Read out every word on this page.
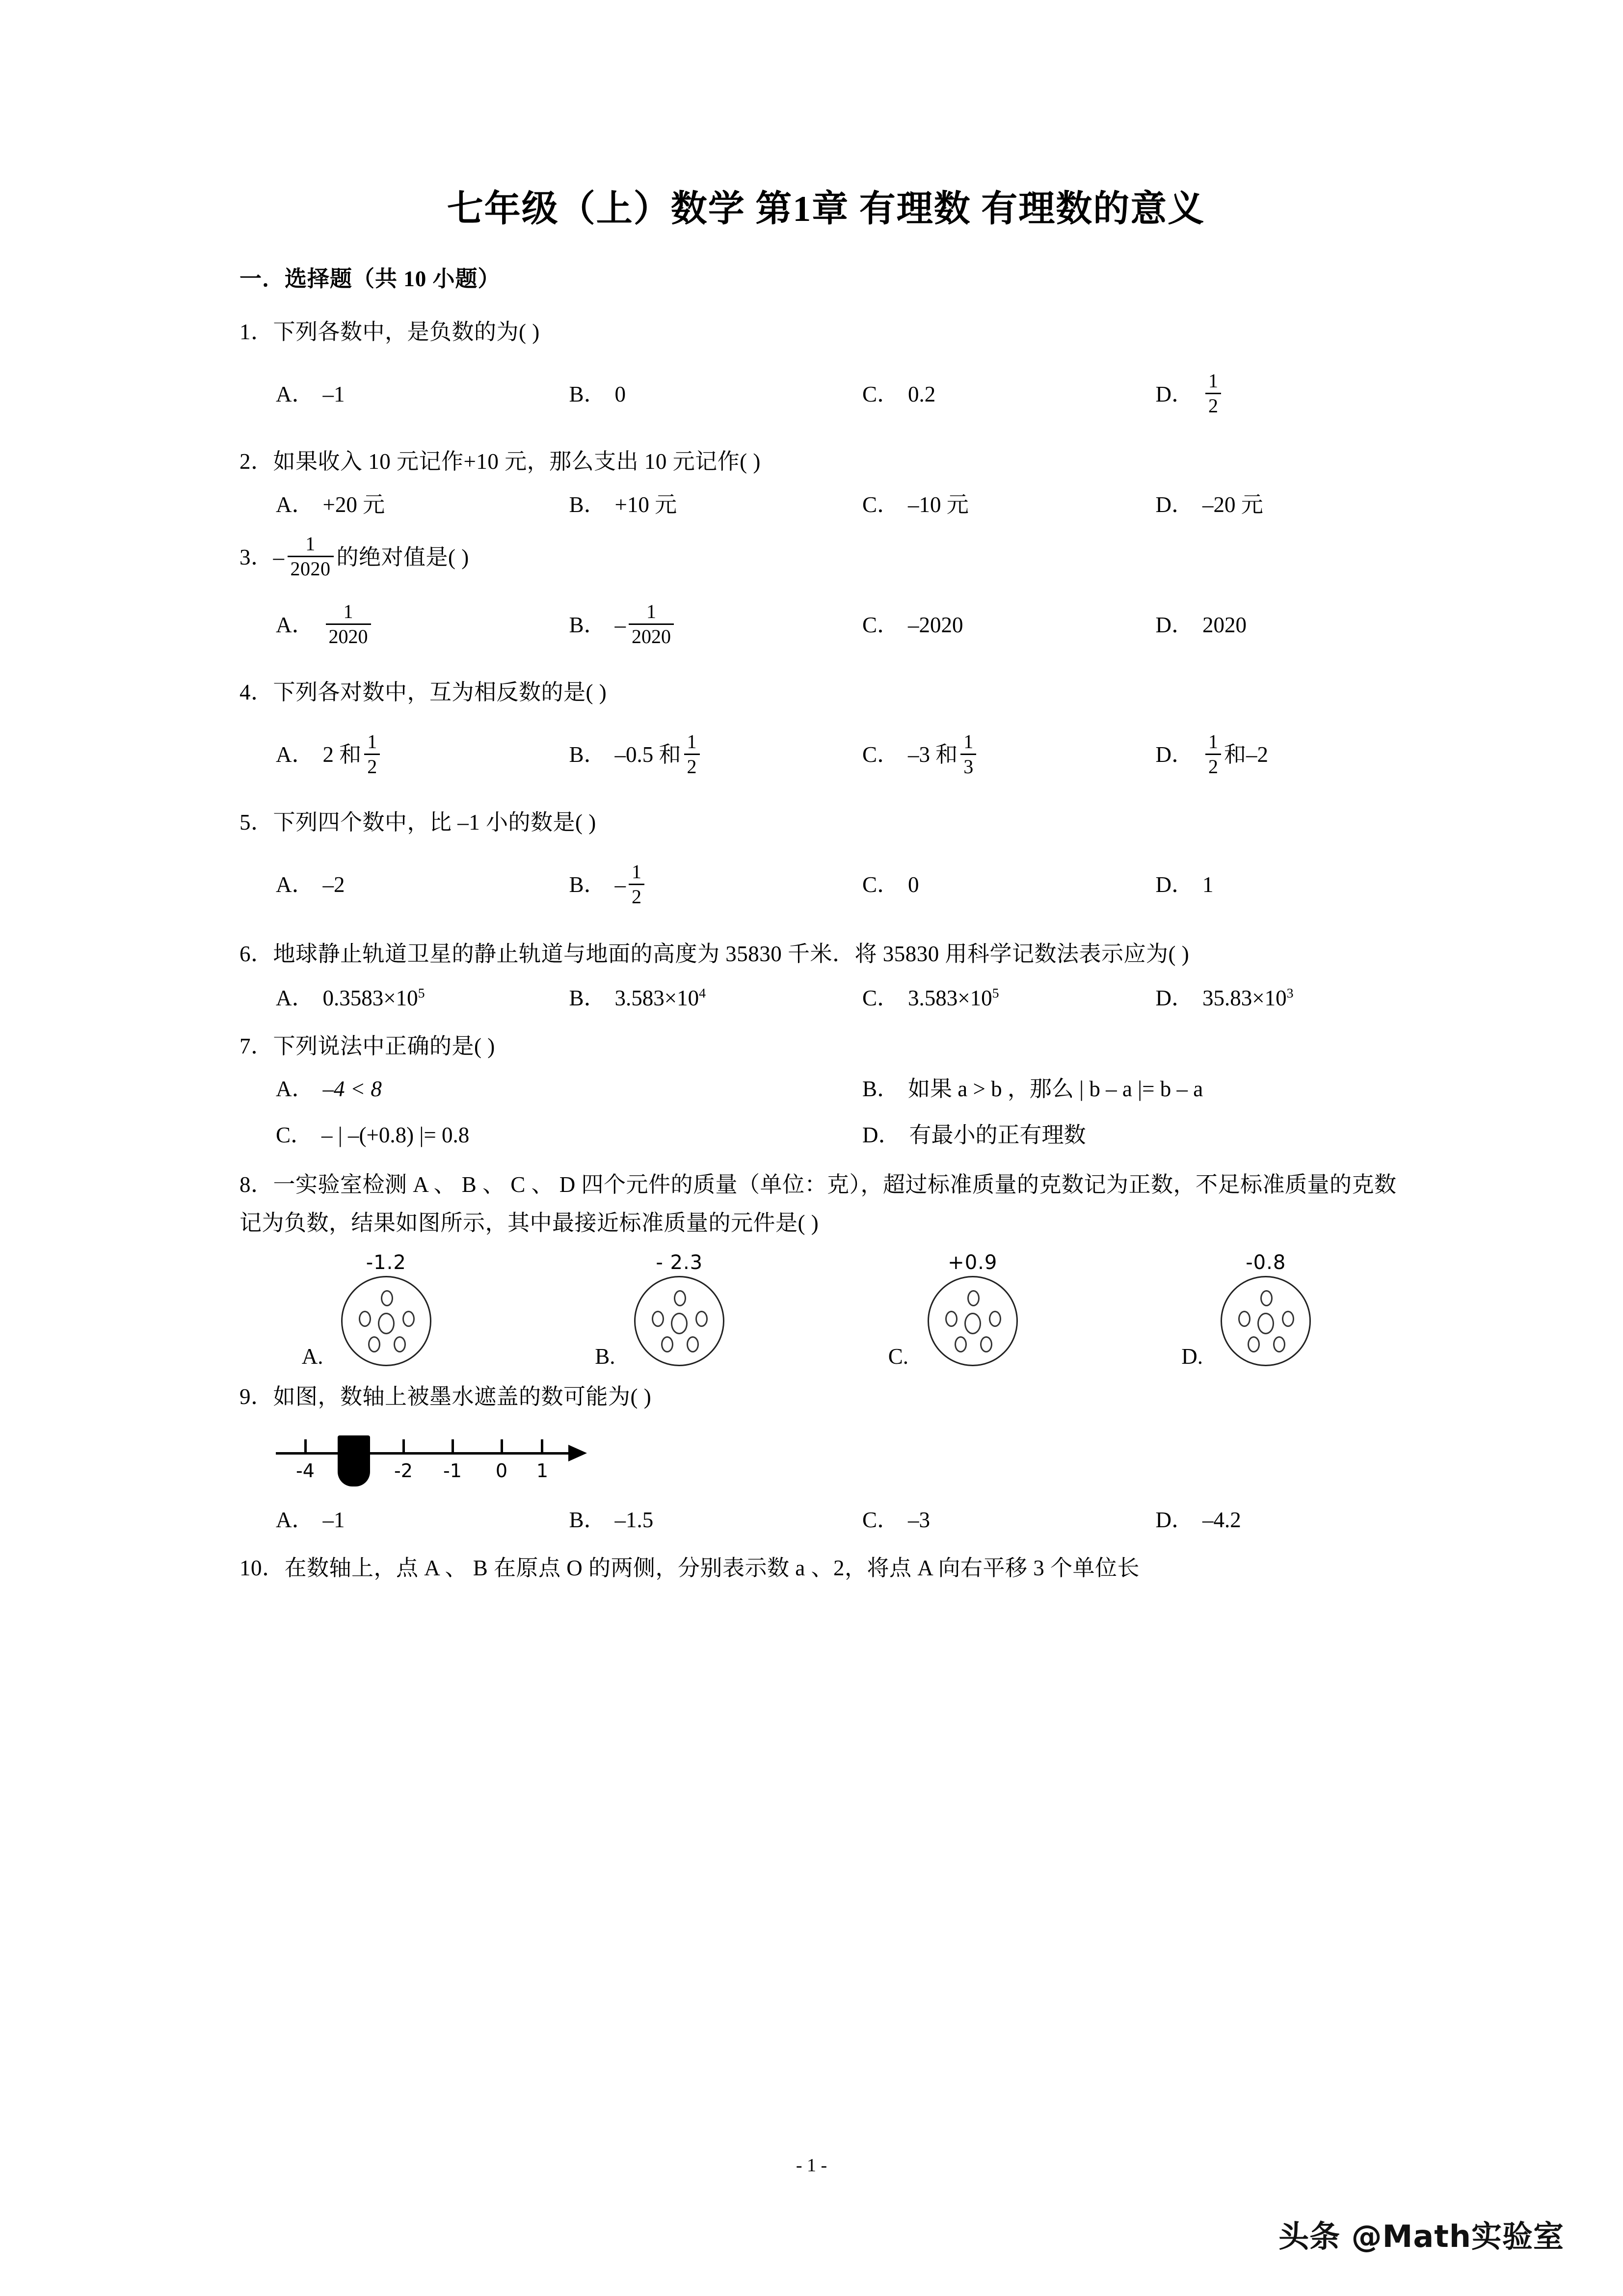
七年级（上）数学 第1章 有理数 有理数的意义
一．选择题（共 10 小题）
1．下列各数中，是负数的为( )
A． –1	B． 0	C． 0.2	D． $\frac{1}{2}$
2．如果收入 10 元记作+10 元，那么支出 10 元记作( )
A． +20 元	B． +10 元	C． –10 元	D． –20 元
3． – $\frac{1}{2020}$ 的绝对值是( )
A． $\frac{1}{2020}$	B． – $\frac{1}{2020}$	C． –2020	D． 2020
4．下列各对数中，互为相反数的是( )
A． 2 和 $\frac{1}{2}$	B． –0.5 和 $\frac{1}{2}$	C． –3 和 $\frac{1}{3}$	D． $\frac{1}{2}$ 和–2
5．下列四个数中，比 –1 小的数是( )
A． –2	B． – $\frac{1}{2}$	C． 0	D． 1
6．地球静止轨道卫星的静止轨道与地面的高度为 35830 千米．将 35830 用科学记数法表示应为( )
A． $0.3583\times 10^5$	B． $3.583\times 10^4$	C． $3.583\times 10^5$	D． $35.83\times 10^3$
7．下列说法中正确的是( )
A． –4 < 8	B． 如果 a > b ，那么 | b – a |= b – a
C． – | –(+0.8) |= 0.8	D． 有最小的正有理数
8．一实验室检测 A 、 B 、 C 、 D 四个元件的质量（单位：克），超过标准质量的克数记为正数，不足标准质量的克数记为负数，结果如图所示，其中最接近标准质量的元件是( )
-1.2
A.
- 2.3
B.
+0.9
C.
-0.8
D.
9．如图，数轴上被墨水遮盖的数可能为( )
-4	-2 -1 0 1
A． –1	B． –1.5	C． –3	D． –4.2
10．在数轴上，点 A 、 B 在原点 O 的两侧，分别表示数 a 、2，将点 A 向右平移 3 个单位长
- 1 -
头条 @Math实验室
